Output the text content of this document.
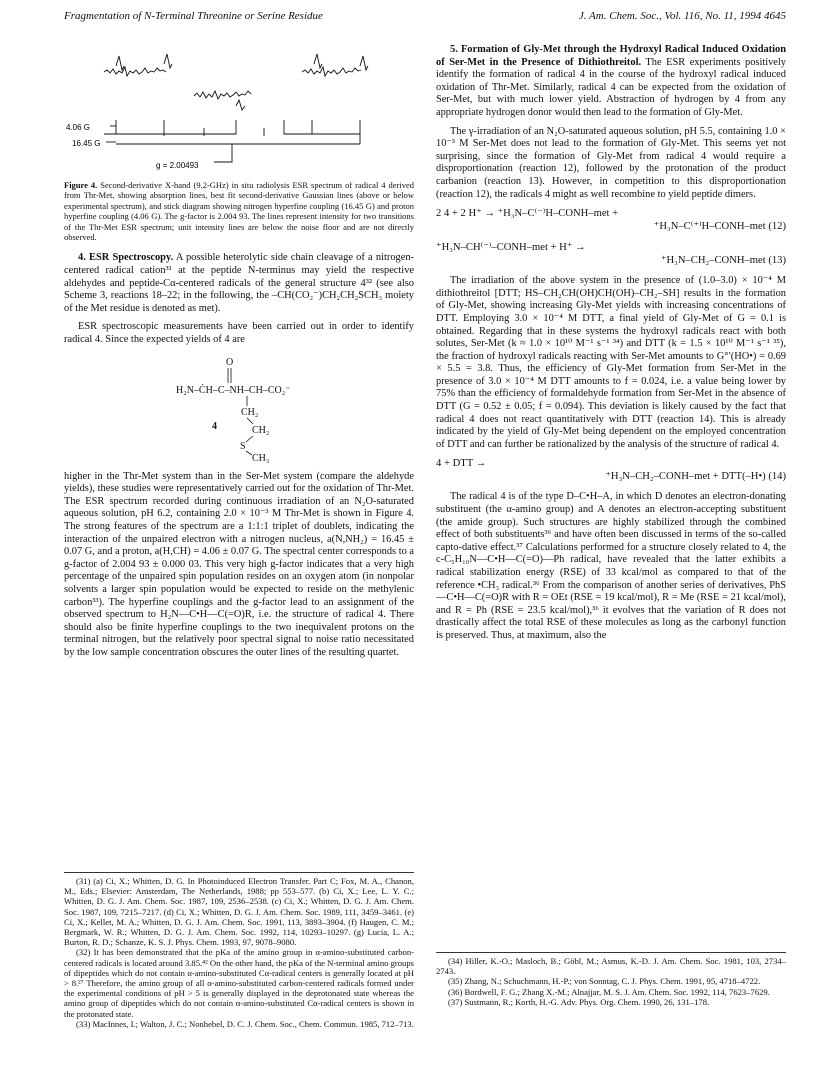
Fragmentation of N-Terminal Threonine or Serine Residue	J. Am. Chem. Soc., Vol. 116, No. 11, 1994 4645
4.06 G
16.45 G
g = 2.00493

Figure 4. Second-derivative X-band (9.2-GHz) in situ radiolysis ESR spectrum of radical 4 derived from Thr-Met, showing absorption lines, best fit second-derivative Gaussian lines (above or below experimental spectrum), and stick diagram showing nitrogen hyperfine coupling (16.45 G) and proton hyperfine coupling (4.06 G). The g-factor is 2.004 93. The lines represent intensity for two transitions of the Thr-Met ESR spectrum; unit intensity lines are below the noise floor and are not directly observed.

4. ESR Spectroscopy. A possible heterolytic side chain cleavage of a nitrogen-centered radical cation³¹ at the peptide N-terminus may yield the respective aldehydes and peptide-Cα-centered radicals of the general structure 4³² (see also Scheme 3, reactions 18–22; in the following, the –CH(CO₂⁻)CH₂CH₂SCH₃ moiety of the Met residue is denoted as met).

ESR spectroscopic measurements have been carried out in order to identify radical 4. Since the expected yields of 4 are

O
H₂N–ĊH–C–NH–CH–CO₂⁻
CH₂
CH₂
S
CH₃
4

higher in the Thr-Met system than in the Ser-Met system (compare the aldehyde yields), these studies were representatively carried out for the oxidation of Thr-Met. The ESR spectrum recorded during continuous irradiation of an N₂O-saturated aqueous solution, pH 6.2, containing 2.0 × 10⁻³ M Thr-Met is shown in Figure 4. The strong features of the spectrum are a 1:1:1 triplet of doublets, indicating the interaction of the unpaired electron with a nitrogen nucleus, a(N,NH₂) = 16.45 ± 0.07 G, and a proton, a(H,CH) = 4.06 ± 0.07 G. The spectral center corresponds to a g-factor of 2.004 93 ± 0.000 03. This very high g-factor indicates that a very high percentage of the unpaired spin population resides on an oxygen atom (in nonpolar solvents a larger spin population would be expected to reside on the methylenic carbon³³). The hyperfine couplings and the g-factor lead to an assignment of the observed spectrum to H₂N—C•H—C(=O)R, i.e. the structure of radical 4. There should also be finite hyperfine couplings to the two inequivalent protons on the terminal nitrogen, but the relatively poor spectral signal to noise ratio necessitated by the low sample concentration obscures the outer lines of the resulting quartet.

(31) (a) Ci, X.; Whitten, D. G. In Photoinduced Electron Transfer. Part C; Fox, M. A., Chanon, M., Eds.; Elsevier: Amsterdam, The Netherlands, 1988; pp 553–577. (b) Ci, X.; Lee, L. Y. C.; Whitten, D. G. J. Am. Chem. Soc. 1987, 109, 2536–2538. (c) Ci, X.; Whitten, D. G. J. Am. Chem. Soc. 1987, 109, 7215–7217. (d) Ci, X.; Whitten, D. G. J. Am. Chem. Soc. 1989, 111, 3459–3461. (e) Ci, X.; Kellet, M. A.; Whitten, D. G. J. Am. Chem. Soc. 1991, 113, 3893–3904. (f) Haugen, C. M.; Bergmark, W. R.; Whitten, D. G. J. Am. Chem. Soc. 1992, 114, 10293–10297. (g) Lucia, L. A.; Burton, R. D.; Schanze, K. S. J. Phys. Chem. 1993, 97, 9078–9080.

(32) It has been demonstrated that the pKa of the amino group in α-amino-substituted carbon-centered radicals is located around 3.85.⁴² On the other hand, the pKa of the N-terminal amino groups of dipeptides which do not contain α-amino-substituted Cα-radical centers is generally located at pH > 8.²⁷ Therefore, the amino group of all α-amino-substituted carbon-centered radicals formed under the experimental conditions of pH > 5 is generally displayed in the deprotonated state whereas the amino group of dipeptides which do not contain α-amino-substituted Cα-radical centers is shown in the protonated state.

(33) MacInnes, I.; Walton, J. C.; Nonhebel, D. C. J. Chem. Soc., Chem. Commun. 1985, 712–713.

5. Formation of Gly-Met through the Hydroxyl Radical Induced Oxidation of Ser-Met in the Presence of Dithiothreitol. The ESR experiments positively identify the formation of radical 4 in the course of the hydroxyl radical induced oxidation of Thr-Met. Similarly, radical 4 can be expected from the oxidation of Ser-Met, but with much lower yield. Abstraction of hydrogen by 4 from any appropriate hydrogen donor would then lead to the formation of Gly-Met.

The γ-irradiation of an N₂O-saturated aqueous solution, pH 5.5, containing 1.0 × 10⁻³ M Ser-Met does not lead to the formation of Gly-Met. This seems yet not surprising, since the formation of Gly-Met from radical 4 would require a disproportionation (reaction 12), followed by the protonation of the product carbanion (reaction 13). However, in competition to this disproportionation (reaction 12), the radicals 4 might as well recombine to yield peptide dimers.

2 4 + 2 H⁺ → ⁺H₃N–C⁽⁻⁾H–CONH–met +
⁺H₃N–C⁽⁺⁾H–CONH–met (12)
⁺H₃N–CH⁽⁻⁾–CONH–met + H⁺ →
⁺H₃N–CH₂–CONH–met (13)

The irradiation of the above system in the presence of (1.0–3.0) × 10⁻⁴ M dithiothreitol [DTT; HS–CH₂CH(OH)CH(OH)–CH₂–SH] results in the formation of Gly-Met, showing increasing Gly-Met yields with increasing concentrations of DTT. Employing 3.0 × 10⁻⁴ M DTT, a final yield of Gly-Met of G = 0.1 is obtained. Regarding that in these systems the hydroxyl radicals react with both solutes, Ser-Met (k ≈ 1.0 × 10¹⁰ M⁻¹ s⁻¹ ³⁴) and DTT (k = 1.5 × 10¹⁰ M⁻¹ s⁻¹ ³⁵), the fraction of hydroxyl radicals reacting with Ser-Met amounts to G°′(HO•) = 0.69 × 5.5 = 3.8. Thus, the efficiency of Gly-Met formation from Ser-Met in the presence of 3.0 × 10⁻⁴ M DTT amounts to f = 0.024, i.e. a value being lower by 75% than the efficiency of formaldehyde formation from Ser-Met in the absence of DTT (G = 0.52 ± 0.05; f = 0.094). This deviation is likely caused by the fact that radical 4 does not react quantitatively with DTT (reaction 14). This is already indicated by the yield of Gly-Met being dependent on the employed concentration of DTT and can further be rationalized by the analysis of the structure of radical 4.

4 + DTT →
⁺H₃N–CH₂–CONH–met + DTT(–H•) (14)

The radical 4 is of the type D–C•H–A, in which D denotes an electron-donating substituent (the α-amino group) and A denotes an electron-accepting substituent (the amide group). Such structures are highly stabilized through the combined effect of both substituents³⁶ and have often been discussed in terms of the so-called capto-dative effect.³⁷ Calculations performed for a structure closely related to 4, the c-C₅H₁₀N—C•H—C(=O)—Ph radical, have revealed that the latter exhibits a radical stabilization energy (RSE) of 33 kcal/mol as compared to that of the reference •CH₃ radical.³⁶ From the comparison of another series of derivatives, PhS—C•H—C(=O)R with R = OEt (RSE = 19 kcal/mol), R = Me (RSE = 21 kcal/mol), and R = Ph (RSE = 23.5 kcal/mol),³⁶ it evolves that the variation of R does not drastically affect the total RSE of these molecules as long as the carbonyl function is preserved. Thus, at maximum, also the

(34) Hiller, K.-O.; Masloch, B.; Göbl, M.; Asmus, K.-D. J. Am. Chem. Soc. 1981, 103, 2734–2743.

(35) Zhang, N.; Schuchmann, H.-P.; von Sonntag, C. J. Phys. Chem. 1991, 95, 4718–4722.

(36) Bordwell, F. G.; Zhang X.-M.; Alnajjar, M. S. J. Am. Chem. Soc. 1992, 114, 7623–7629.

(37) Sustmann, R.; Korth, H.-G. Adv. Phys. Org. Chem. 1990, 26, 131–178.
